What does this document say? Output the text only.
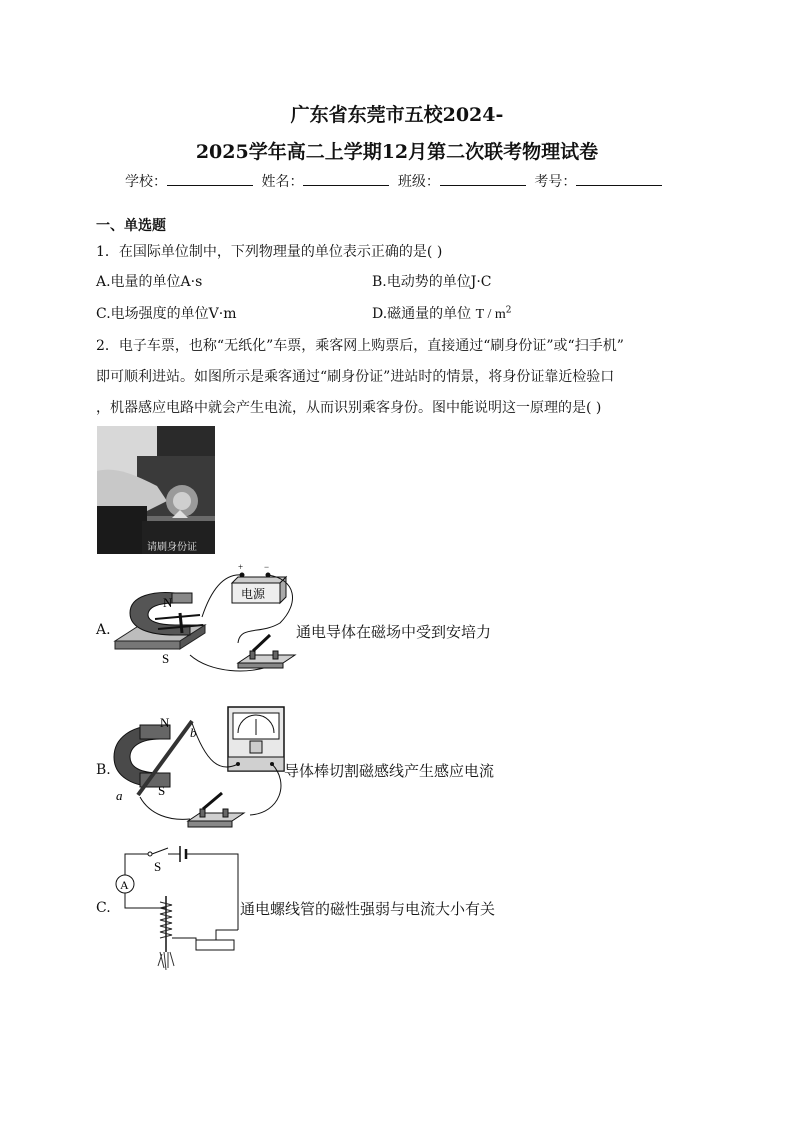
广东省东莞市五校2024-
2025学年高二上学期12月第二次联考物理试卷
学校：	姓名：	班级：	考号：
一、单选题
1．在国际单位制中，下列物理量的单位表示正确的是( )
A.电量的单位A·s	B.电动势的单位J·C
C.电场强度的单位V·m	D.磁通量的单位 T / $m^2$
2．电子车票，也称“无纸化”车票，乘客网上购票后，直接通过“刷身份证”或“扫手机”
即可顺利进站。如图所示是乘客通过“刷身份证”进站时的情景，将身份证靠近检验口
，机器感应电路中就会产生电流，从而识别乘客身份。图中能说明这一原理的是( )
请刷身份证
A.
N
S
+ −
电源
通电导体在磁场中受到安培力
B.
N
S
a
b
导体棒切割磁感线产生感应电流
C.
S
A
通电螺线管的磁性强弱与电流大小有关
